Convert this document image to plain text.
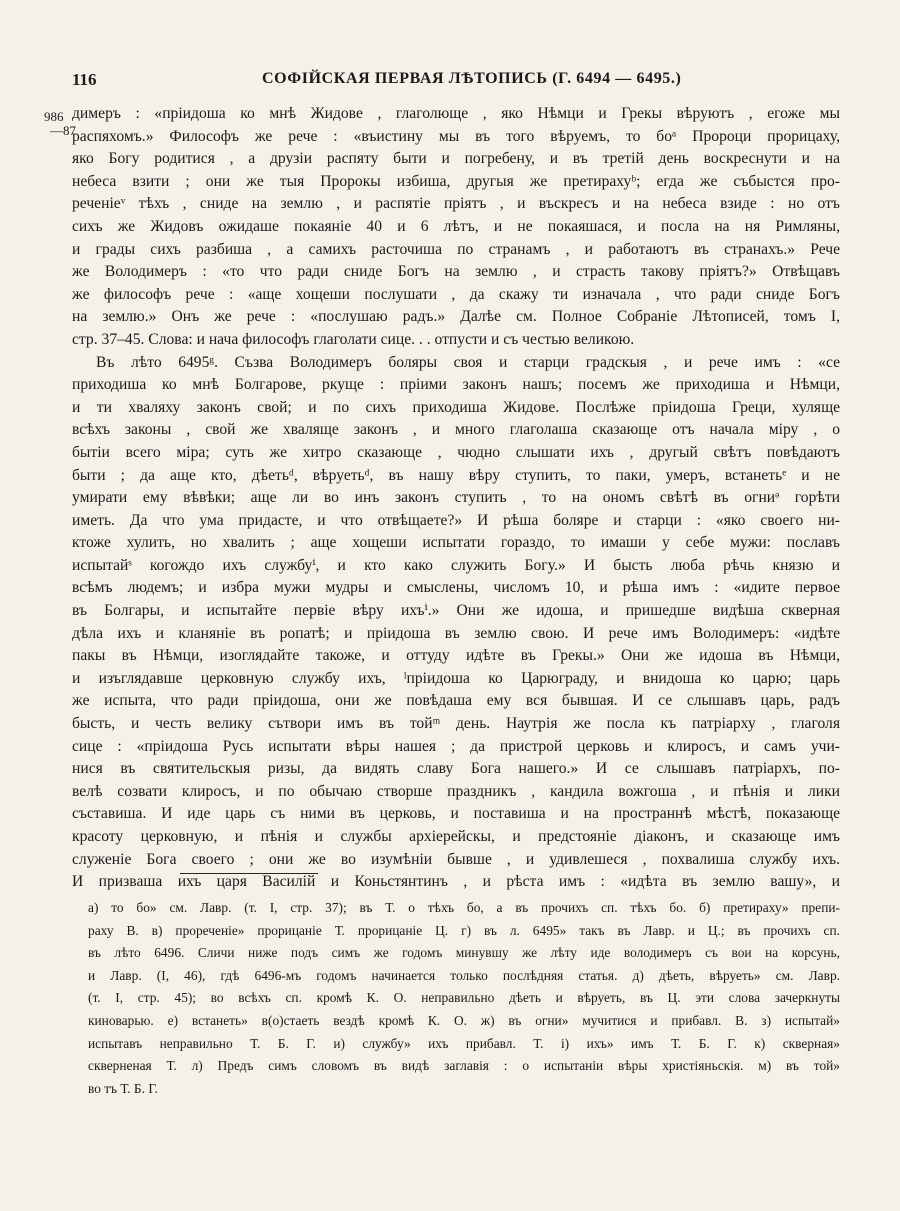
116	СОФІЙСКАЯ ПЕРВАЯ ЛѢТОПИСЬ (Г. 6494 — 6495.)
986
—87
димеръ : «пріидоша ко мнѣ Жидове , глаголюще , яко Нѣмци и Грекы вѣруютъ , егоже мы
распяхомъ.» Философъ же рече : «въистину мы въ того вѣруемъ, то боᵃ Пророци прорицаху,
яко Богу родитися , а друзіи распяту быти и погребену, и въ третій день воскреснути и на
небеса взити ; они же тыя Пророкы избиша, другыя же претирахуᵇ; егда же събыстся про-
реченіеᵛ тѣхъ , сниде на землю , и распятіе пріятъ , и въскресъ и на небеса взиде : но отъ
сихъ же Жидовъ ожидаше покаяніе 40 и 6 лѣтъ, и не покаяшася, и посла на ня Римляны,
и грады сихъ разбиша , а самихъ расточиша по странамъ , и работаютъ въ странахъ.» Рече
же Володимеръ : «то что ради сниде Богъ на землю , и страсть такову пріятъ?» Отвѣщавъ
же философъ рече : «аще хощеши послушати , да скажу ти изначала , что ради сниде Богъ
на землю.» Онъ же рече : «послушаю радъ.» Далѣе см. Полное Собраніе Лѣтописей, томъ I,
стр. 37–45. Слова: и нача философъ глаголати сице. . . отпусти и съ честью великою.
Въ лѣто 6495ᵍ. Съзва Володимеръ боляры своя и старци градскыя , и рече имъ : «се
приходиша ко мнѣ Болгарове, ркуще : пріими законъ нашъ; посемъ же приходиша и Нѣмци,
и ти хваляху законъ свой; и по сихъ приходиша Жидове. Послѣже пріидоша Греци, хуляще
всѣхъ законы , свой же хваляще законъ , и много глаголаша сказающе отъ начала міру , о
бытіи всего міра; суть же хитро сказающе , чюдно слышати ихъ , другый свѣтъ повѣдаютъ
быти ; да аще кто, дѣетьᵈ, вѣруетьᵈ, въ нашу вѣру ступить, то паки, умеръ, встанетьᵉ и не
умирати ему вѣвѣки; аще ли во инъ законъ ступить , то на ономъ свѣтѣ въ огниᵊ горѣти
иметь. Да что ума придасте, и что отвѣщаете?» И рѣша боляре и старци : «яко своего ни-
ктоже хулить, но хвалить ; аще хощеши испытати гораздо, то имаши у себе мужи: пославъ
испытайˢ когождо ихъ службуⁱ, и кто како служить Богу.» И бысть люба рѣчь князю и
всѣмъ людемъ; и избра мужи мудры и смыслены, числомъ 10, и рѣша имъ : «идите первое
въ Болгары, и испытайте первіе вѣру ихъⁱ.» Они же идоша, и пришедше видѣша скверная
дѣла ихъ и кланяніе въ ропатѣ; и пріидоша въ землю свою. И рече имъ Володимеръ: «идѣте
пакы въ Нѣмци, изоглядайте такоже, и оттуду идѣте въ Грекы.» Они же идоша въ Нѣмци,
и изъглядавше церковную службу ихъ, ˡпріидоша ко Царюграду, и внидоша ко царю; царь
же испыта, что ради пріидоша, они же повѣдаша ему вся бывшая. И се слышавъ царь, радъ
бысть, и честь велику сътвори имъ въ тойᵐ день. Наутрія же посла къ патріарху , глаголя
сице : «пріидоша Русь испытати вѣры нашея ; да пристрой церковь и клиросъ, и самъ учи-
нися въ святительскыя ризы, да видять славу Бога нашего.» И се слышавъ патріархъ, по-
велѣ созвати клиросъ, и по обычаю створше праздникъ , кандила вожгоша , и пѣнія и лики
съставиша. И иде царь съ ними въ церковь, и поставиша и на пространнѣ мѣстѣ, показающе
красоту церковную, и пѣнія и службы архіерейскы, и предстояніе діаконъ, и сказающе имъ
служеніе Бога своего ; они же во изумѣніи бывше , и удивлешеся , похвалиша службу ихъ.
И призваша ихъ царя Василій и Коньстянтинъ , и рѣста имъ : «идѣта въ землю вашу», и
а) то бо» см. Лавр. (т. I, стр. 37); въ Т. о тѣхъ бо, а въ прочихъ сп. тѣхъ бо. б) претираху» препи-
раху В. в) прореченіе» прорицаніе Т. прорицаніе Ц. г) въ л. 6495» такъ въ Лавр. и Ц.; въ прочихъ сп.
въ лѣто 6496. Сличи ниже подъ симъ же годомъ минувшу же лѣту иде володимеръ съ вои на корсунь,
и Лавр. (I, 46), гдѣ 6496-мъ годомъ начинается только послѣдняя статья. д) дѣеть, вѣруеть» см. Лавр.
(т. I, стр. 45); во всѣхъ сп. кромѣ К. О. неправильно дѣеть и вѣруеть, въ Ц. эти слова зачеркнуты
киноварью. е) встанеть» в(о)стаеть вездѣ кромѣ К. О. ж) въ огни» мучитися и прибавл. В. з) испытай»
испытавъ неправильно Т. Б. Г. и) службу» ихъ прибавл. Т. і) ихъ» имъ Т. Б. Г. к) скверная»
скверненая Т. л) Предъ симъ словомъ въ видѣ заглавія : о испытаніи вѣры христіяньскія. м) въ той»
во тъ Т. Б. Г.
